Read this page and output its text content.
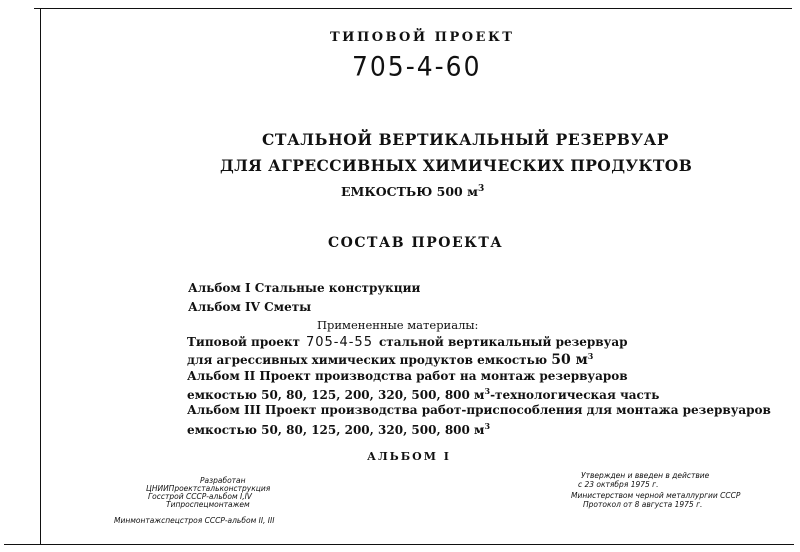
ТИПОВОЙ ПРОЕКТ
705-4-60
СТАЛЬНОЙ ВЕРТИКАЛЬНЫЙ РЕЗЕРВУАР
ДЛЯ АГРЕССИВНЫХ ХИМИЧЕСКИХ ПРОДУКТОВ
ЕМКОСТЬЮ 500 $м^3$
СОСТАВ ПРОЕКТА
Альбом I Стальные конструкции
Альбом IV Сметы
Примененные материалы:
Типовой проект 705-4-55 стальной вертикальный резервуар
для агрессивных химических продуктов емкостью 50 $м^3$
Альбом II Проект производства работ на монтаж резервуаров
емкостью 50, 80, 125, 200, 320, 500, 800 $м^3$-технологическая часть
Альбом III Проект производства работ-приспособления для монтажа резервуаров
емкостью 50, 80, 125, 200, 320, 500, 800 $м^3$
АЛЬБОМ I
Разработан
ЦНИИПроектстальконструкция
Госстрой СССР-альбом I,IV
Типроспецмонтажем
Минмонтажспецстроя СССР-альбом II, III
Утвержден и введен в действие
с 23 октября 1975 г.
Министерством черной металлургии СССР
Протокол от 8 августа 1975 г.
